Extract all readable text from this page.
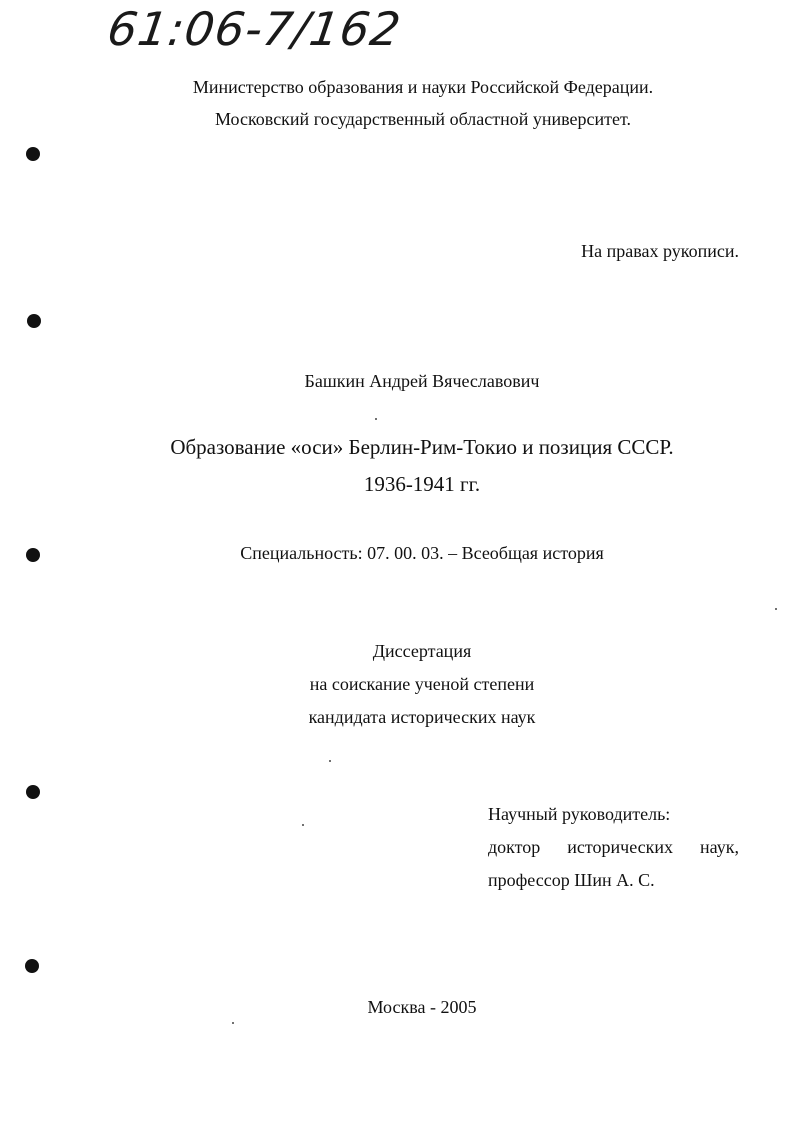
61:06-7/162
Министерство образования и науки Российской Федерации.
Московский государственный областной университет.
На правах рукописи.
Башкин Андрей Вячеславович
Образование «оси» Берлин-Рим-Токио и позиция СССР.
1936-1941 гг.
Специальность: 07. 00. 03. – Всеобщая история
Диссертация
на соискание ученой степени
кандидата исторических наук
Научный руководитель:
доктор исторических наук,
профессор Шин А. С.
Москва - 2005
